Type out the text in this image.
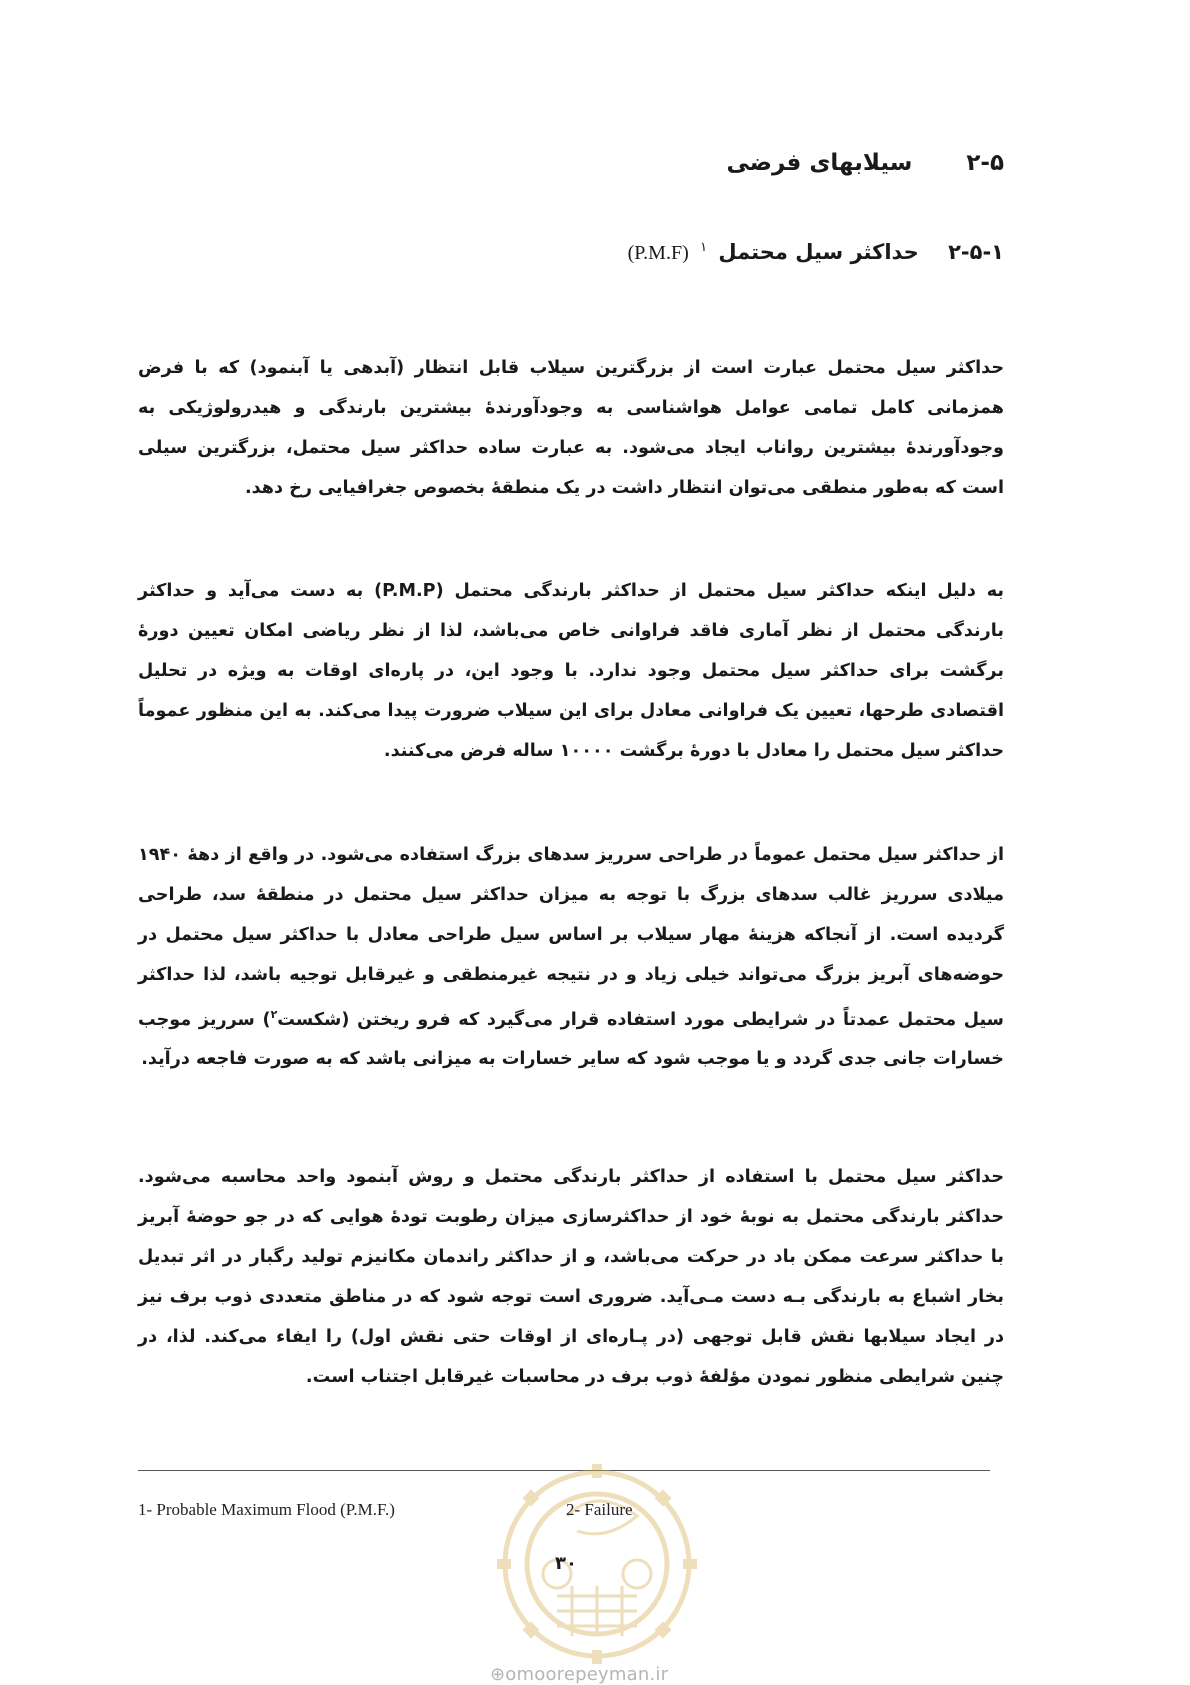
۲-۵ سیلابهای فرضی
۲-۵-۱ حداکثر سیل محتمل $^۱$ (P.M.F)

حداکثر سیل محتمل عبارت است از بزرگترین سیلاب قابل انتظار (آبدهی یا آبنمود) که با فرض همزمانی کامل تمامی عوامل هواشناسی به وجودآورندهٔ بیشترین بارندگی و هیدرولوژیکی به وجودآورندهٔ بیشترین رواناب ایجاد می‌شود. به عبارت ساده حداکثر سیل محتمل، بزرگترین سیلی است که به‌طور منطقی می‌توان انتظار داشت در یک منطقهٔ بخصوص جغرافیایی رخ دهد.

به دلیل اینکه حداکثر سیل محتمل از حداکثر بارندگی محتمل (P.M.P) به دست می‌آید و حداکثر بارندگی محتمل از نظر آماری فاقد فراوانی خاص می‌باشد، لذا از نظر ریاضی امکان تعیین دورهٔ برگشت برای حداکثر سیل محتمل وجود ندارد. با وجود این، در پاره‌ای اوقات به ویژه در تحلیل اقتصادی طرحها، تعیین یک فراوانی معادل برای این سیلاب ضرورت پیدا می‌کند. به این منظور عموماً حداکثر سیل محتمل را معادل با دورهٔ برگشت ۱۰۰۰۰ ساله فرض می‌کنند.

از حداکثر سیل محتمل عموماً در طراحی سرریز سدهای بزرگ استفاده می‌شود. در واقع از دههٔ ۱۹۴۰ میلادی سرریز غالب سدهای بزرگ با توجه به میزان حداکثر سیل محتمل در منطقهٔ سد، طراحی گردیده است. از آنجاکه هزینهٔ مهار سیلاب بر اساس سیل طراحی معادل با حداکثر سیل محتمل در حوضه‌های آبریز بزرگ می‌تواند خیلی زیاد و در نتیجه غیرمنطقی و غیرقابل توجیه باشد، لذا حداکثر سیل محتمل عمدتاً در شرایطی مورد استفاده قرار می‌گیرد که فرو ریختن (شکست$^۲$) سرریز موجب خسارات جانی جدی گردد و یا موجب شود که سایر خسارات به میزانی باشد که به صورت فاجعه درآید.

حداکثر سیل محتمل با استفاده از حداکثر بارندگی محتمل و روش آبنمود واحد محاسبه می‌شود. حداکثر بارندگی محتمل به نوبهٔ خود از حداکثرسازی میزان رطوبت تودهٔ هوایی که در جو حوضهٔ آبریز با حداکثر سرعت ممکن باد در حرکت می‌باشد، و از حداکثر راندمان مکانیزم تولید رگبار در اثر تبدیل بخار اشباع به بارندگی بـه دست مـی‌آید. ضروری است توجه شود که در مناطق متعددی ذوب برف نیز در ایجاد سیلابها نقش قابل توجهی (در پـاره‌ای از اوقات حتی نقش اول) را ایفاء می‌کند. لذا، در چنین شرایطی منظور نمودن مؤلفهٔ ذوب برف در محاسبات غیرقابل اجتناب است.

1- Probable Maximum Flood (P.M.F.)	2- Failure
۳۰
⊕omoorepeyman.ir
